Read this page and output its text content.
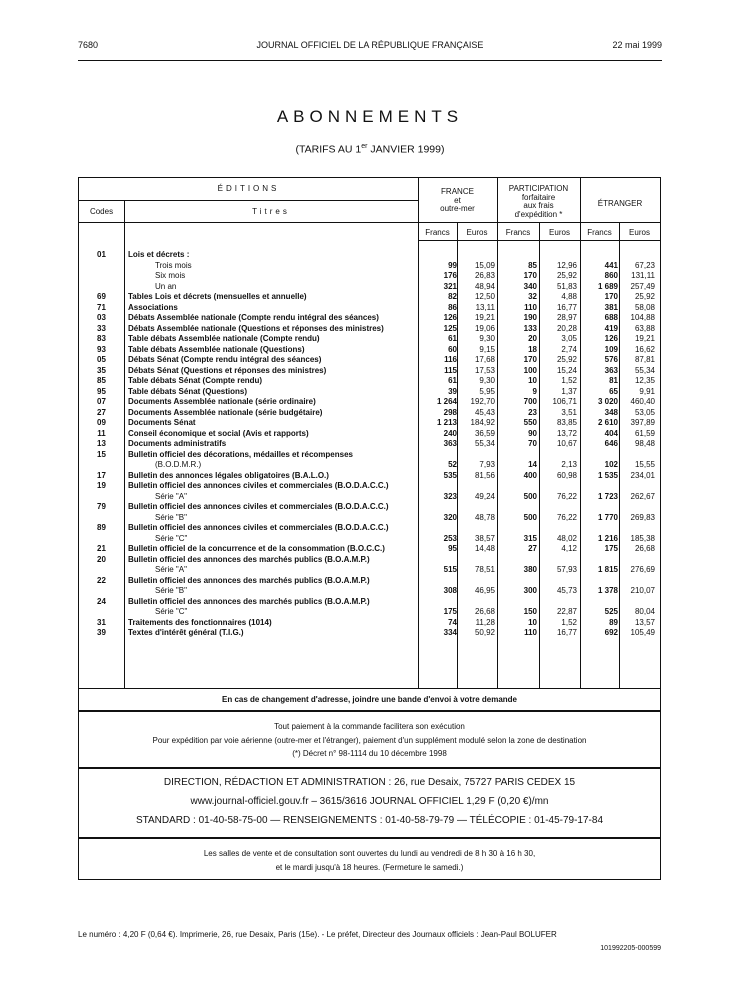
7680	JOURNAL OFFICIEL DE LA RÉPUBLIQUE FRANÇAISE	22 mai 1999
ABONNEMENTS
(TARIFS AU 1er JANVIER 1999)
ÉDITIONS
Codes	Titres
FRANCE
et
outre-mer
PARTICIPATION
forfaitaire
aux frais
d'expédition *
ÉTRANGER
Francs	Euros	Francs	Euros	Francs	Euros
01	Lois et décrets :
Trois mois	99	15,09	85	12,96	441	67,23
Six mois	176	26,83	170	25,92	860	131,11
Un an	321	48,94	340	51,83	1 689	257,49
69	Tables Lois et décrets (mensuelles et annuelle)	82	12,50	32	4,88	170	25,92
71	Associations	86	13,11	110	16,77	381	58,08
03	Débats Assemblée nationale (Compte rendu intégral des séances)	126	19,21	190	28,97	688	104,88
33	Débats Assemblée nationale (Questions et réponses des ministres)	125	19,06	133	20,28	419	63,88
83	Table débats Assemblée nationale (Compte rendu)	61	9,30	20	3,05	126	19,21
93	Table débats Assemblée nationale (Questions)	60	9,15	18	2,74	109	16,62
05	Débats Sénat (Compte rendu intégral des séances)	116	17,68	170	25,92	576	87,81
35	Débats Sénat (Questions et réponses des ministres)	115	17,53	100	15,24	363	55,34
85	Table débats Sénat (Compte rendu)	61	9,30	10	1,52	81	12,35
95	Table débats Sénat (Questions)	39	5,95	9	1,37	65	9,91
07	Documents Assemblée nationale (série ordinaire)	1 264	192,70	700	106,71	3 020	460,40
27	Documents Assemblée nationale (série budgétaire)	298	45,43	23	3,51	348	53,05
09	Documents Sénat	1 213	184,92	550	83,85	2 610	397,89
11	Conseil économique et social (Avis et rapports)	240	36,59	90	13,72	404	61,59
13	Documents administratifs	363	55,34	70	10,67	646	98,48
15	Bulletin officiel des décorations, médailles et récompenses
(B.O.D.M.R.)	52	7,93	14	2,13	102	15,55
17	Bulletin des annonces légales obligatoires (B.A.L.O.)	535	81,56	400	60,98	1 535	234,01
19	Bulletin officiel des annonces civiles et commerciales (B.O.D.A.C.C.)
Série "A"	323	49,24	500	76,22	1 723	262,67
79	Bulletin officiel des annonces civiles et commerciales (B.O.D.A.C.C.)
Série "B"	320	48,78	500	76,22	1 770	269,83
89	Bulletin officiel des annonces civiles et commerciales (B.O.D.A.C.C.)
Série "C"	253	38,57	315	48,02	1 216	185,38
21	Bulletin officiel de la concurrence et de la consommation (B.O.C.C.)	95	14,48	27	4,12	175	26,68
20	Bulletin officiel des annonces des marchés publics (B.O.A.M.P.)
Série "A"	515	78,51	380	57,93	1 815	276,69
22	Bulletin officiel des annonces des marchés publics (B.O.A.M.P.)
Série "B"	308	46,95	300	45,73	1 378	210,07
24	Bulletin officiel des annonces des marchés publics (B.O.A.M.P.)
Série "C"	175	26,68	150	22,87	525	80,04
31	Traitements des fonctionnaires (1014)	74	11,28	10	1,52	89	13,57
39	Textes d'intérêt général (T.I.G.)	334	50,92	110	16,77	692	105,49
En cas de changement d'adresse, joindre une bande d'envoi à votre demande
Tout paiement à la commande facilitera son exécution
Pour expédition par voie aérienne (outre-mer et l'étranger), paiement d'un supplément modulé selon la zone de destination
(*) Décret n° 98-1114 du 10 décembre 1998
DIRECTION, RÉDACTION ET ADMINISTRATION : 26, rue Desaix, 75727 PARIS CEDEX 15
www.journal-officiel.gouv.fr – 3615/3616 JOURNAL OFFICIEL 1,29 F (0,20 €)/mn
STANDARD : 01-40-58-75-00 — RENSEIGNEMENTS : 01-40-58-79-79 — TÉLÉCOPIE : 01-45-79-17-84
Les salles de vente et de consultation sont ouvertes du lundi au vendredi de 8 h 30 à 16 h 30,
et le mardi jusqu'à 18 heures. (Fermeture le samedi.)
Le numéro : 4,20 F (0,64 €). Imprimerie, 26, rue Desaix, Paris (15e). - Le préfet, Directeur des Journaux officiels : Jean-Paul BOLUFER
101992205-000599
